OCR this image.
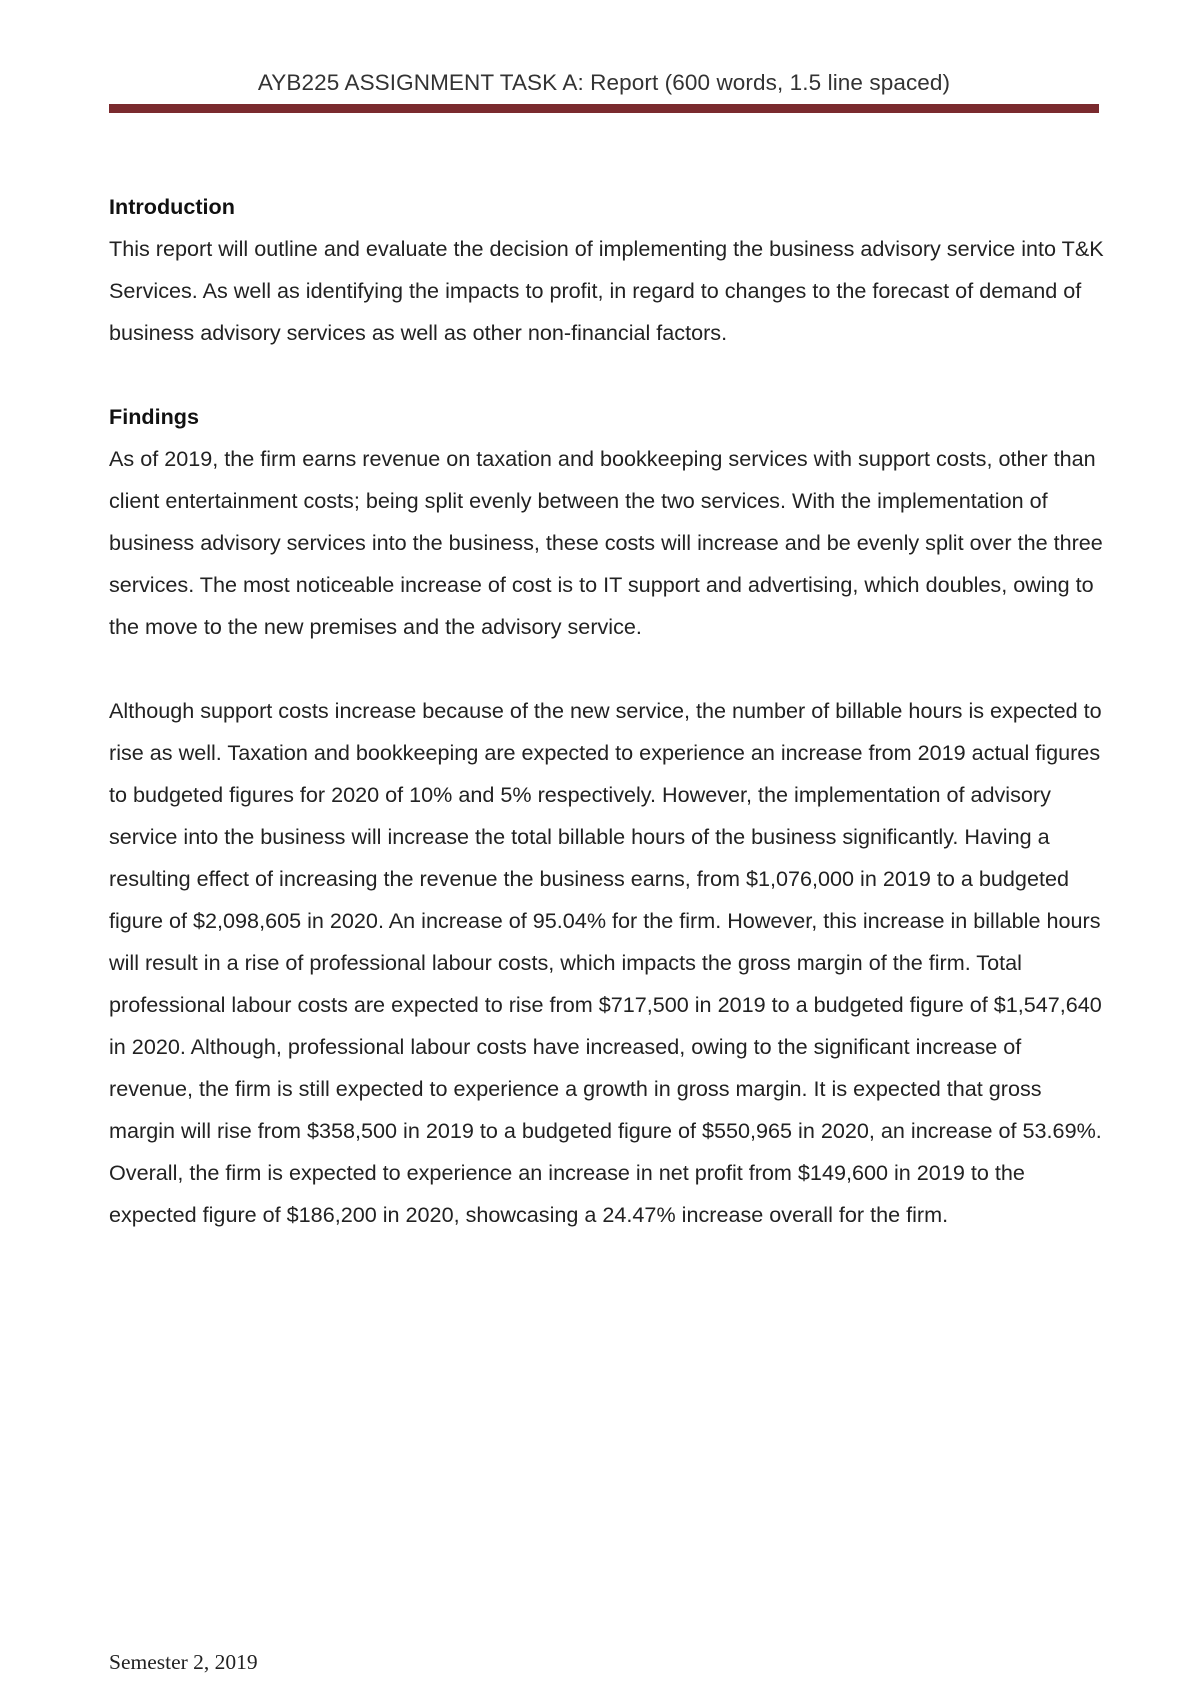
AYB225 ASSIGNMENT TASK A: Report (600 words, 1.5 line spaced)

Introduction

This report will outline and evaluate the decision of implementing the business advisory service into T&K Services. As well as identifying the impacts to profit, in regard to changes to the forecast of demand of business advisory services as well as other non-financial factors.

Findings

As of 2019, the firm earns revenue on taxation and bookkeeping services with support costs, other than client entertainment costs; being split evenly between the two services. With the implementation of business advisory services into the business, these costs will increase and be evenly split over the three services. The most noticeable increase of cost is to IT support and advertising, which doubles, owing to the move to the new premises and the advisory service.

Although support costs increase because of the new service, the number of billable hours is expected to rise as well. Taxation and bookkeeping are expected to experience an increase from 2019 actual figures to budgeted figures for 2020 of 10% and 5% respectively. However, the implementation of advisory service into the business will increase the total billable hours of the business significantly. Having a resulting effect of increasing the revenue the business earns, from $1,076,000 in 2019 to a budgeted figure of $2,098,605 in 2020. An increase of 95.04% for the firm. However, this increase in billable hours will result in a rise of professional labour costs, which impacts the gross margin of the firm. Total professional labour costs are expected to rise from $717,500 in 2019 to a budgeted figure of $1,547,640 in 2020. Although, professional labour costs have increased, owing to the significant increase of revenue, the firm is still expected to experience a growth in gross margin. It is expected that gross margin will rise from $358,500 in 2019 to a budgeted figure of $550,965 in 2020, an increase of 53.69%. Overall, the firm is expected to experience an increase in net profit from $149,600 in 2019 to the expected figure of $186,200 in 2020, showcasing a 24.47% increase overall for the firm.

Semester 2, 2019
